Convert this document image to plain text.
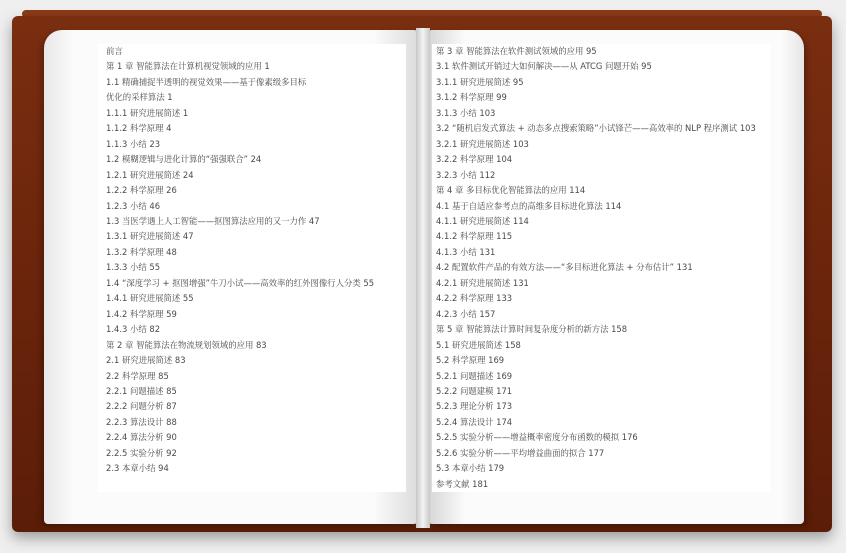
前言
第 1 章 智能算法在计算机视觉领域的应用 1
1.1 精确捕捉半透明的视觉效果——基于像素级多目标
优化的采样算法 1
1.1.1 研究进展简述 1
1.1.2 科学原理 4
1.1.3 小结 23
1.2 模糊逻辑与进化计算的“强强联合” 24
1.2.1 研究进展简述 24
1.2.2 科学原理 26
1.2.3 小结 46
1.3 当医学遇上人工智能——抠图算法应用的又一力作 47
1.3.1 研究进展简述 47
1.3.2 科学原理 48
1.3.3 小结 55
1.4 “深度学习 + 抠图增强”牛刀小试——高效率的红外图像行人分类 55
1.4.1 研究进展简述 55
1.4.2 科学原理 59
1.4.3 小结 82
第 2 章 智能算法在物流规划领域的应用 83
2.1 研究进展简述 83
2.2 科学原理 85
2.2.1 问题描述 85
2.2.2 问题分析 87
2.2.3 算法设计 88
2.2.4 算法分析 90
2.2.5 实验分析 92
2.3 本章小结 94
第 3 章 智能算法在软件测试领域的应用 95
3.1 软件测试开销过大如何解决——从 ATCG 问题开始 95
3.1.1 研究进展简述 95
3.1.2 科学原理 99
3.1.3 小结 103
3.2 “随机启发式算法 + 动态多点搜索策略”小试锋芒——高效率的 NLP 程序测试 103
3.2.1 研究进展简述 103
3.2.2 科学原理 104
3.2.3 小结 112
第 4 章 多目标优化智能算法的应用 114
4.1 基于自适应参考点的高维多目标进化算法 114
4.1.1 研究进展简述 114
4.1.2 科学原理 115
4.1.3 小结 131
4.2 配置软件产品的有效方法——“多目标进化算法 + 分布估计” 131
4.2.1 研究进展简述 131
4.2.2 科学原理 133
4.2.3 小结 157
第 5 章 智能算法计算时间复杂度分析的新方法 158
5.1 研究进展简述 158
5.2 科学原理 169
5.2.1 问题描述 169
5.2.2 问题建模 171
5.2.3 理论分析 173
5.2.4 算法设计 174
5.2.5 实验分析——增益概率密度分布函数的模拟 176
5.2.6 实验分析——平均增益曲面的拟合 177
5.3 本章小结 179
参考文献 181
